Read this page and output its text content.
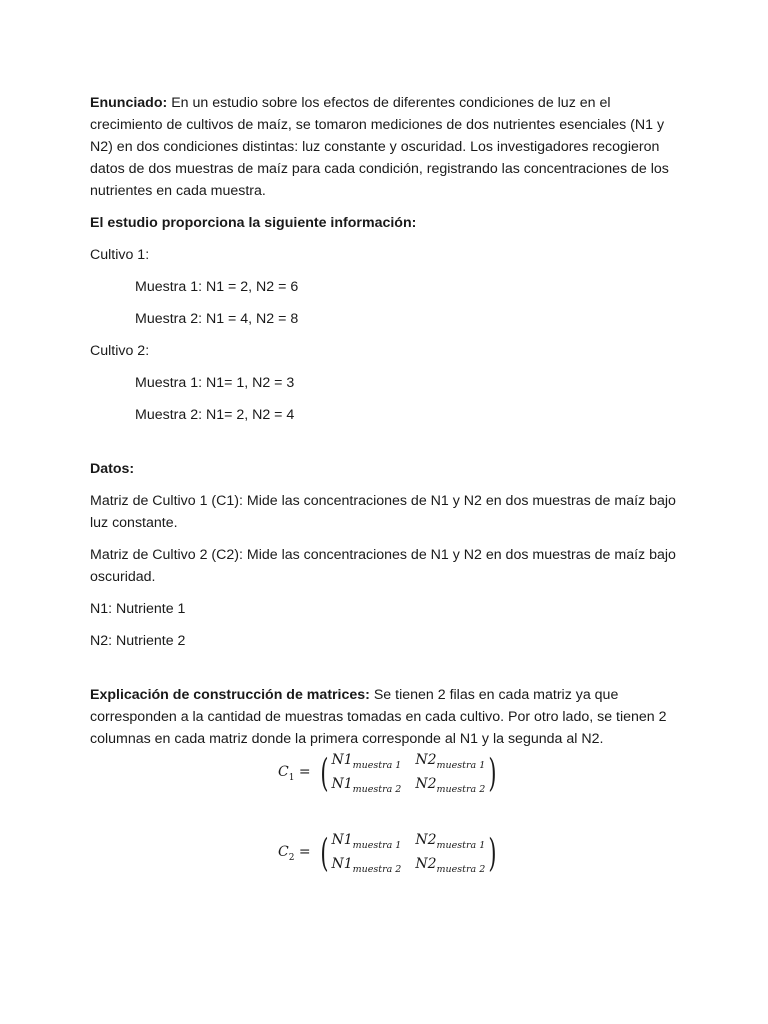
Enunciado: En un estudio sobre los efectos de diferentes condiciones de luz en el crecimiento de cultivos de maíz, se tomaron mediciones de dos nutrientes esenciales (N1 y N2) en dos condiciones distintas: luz constante y oscuridad. Los investigadores recogieron datos de dos muestras de maíz para cada condición, registrando las concentraciones de los nutrientes en cada muestra.

El estudio proporciona la siguiente información:

Cultivo 1:

Muestra 1: N1 = 2, N2 = 6

Muestra 2: N1 = 4, N2 = 8

Cultivo 2:

Muestra 1: N1= 1, N2 = 3

Muestra 2: N1= 2, N2 = 4

Datos:

Matriz de Cultivo 1 (C1): Mide las concentraciones de N1 y N2 en dos muestras de maíz bajo luz constante.

Matriz de Cultivo 2 (C2): Mide las concentraciones de N1 y N2 en dos muestras de maíz bajo oscuridad.

N1: Nutriente 1

N2: Nutriente 2

Explicación de construcción de matrices: Se tienen 2 filas en cada matriz ya que corresponden a la cantidad de muestras tomadas en cada cultivo. Por otro lado, se tienen 2 columnas en cada matriz donde la primera corresponde al N1 y la segunda al N2.

$C_1$ = ( $N1_{muestra 1}$ $N2_{muestra 1}$
$N1_{muestra 2}$ $N2_{muestra 2}$ )
$C_2$ = ( $N1_{muestra 1}$ $N2_{muestra 1}$
$N1_{muestra 2}$ $N2_{muestra 2}$ )
